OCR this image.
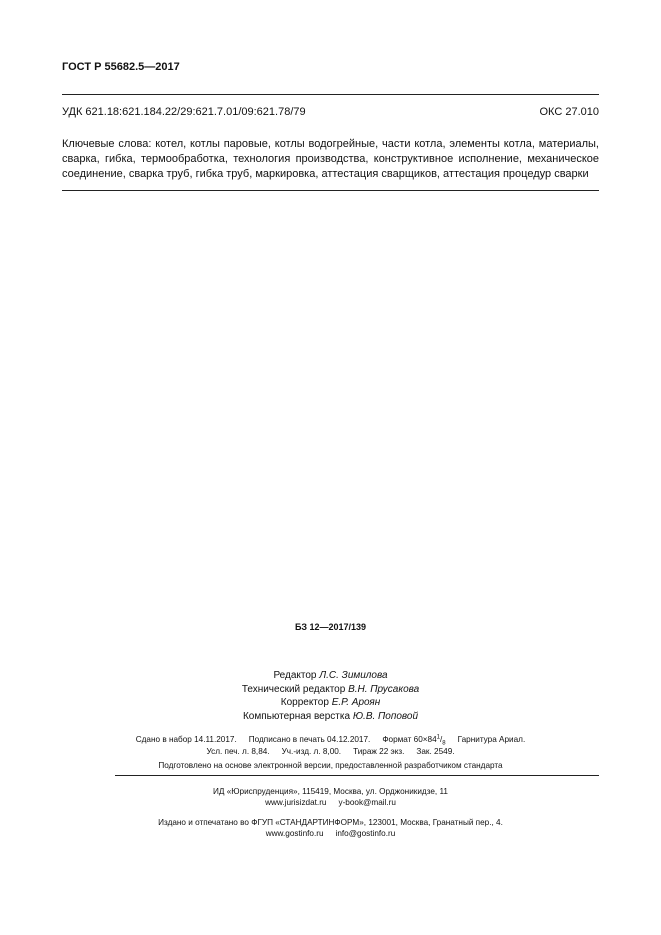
ГОСТ Р 55682.5—2017
УДК 621.18:621.184.22/29:621.7.01/09:621.78/79	ОКС 27.010
Ключевые слова: котел, котлы паровые, котлы водогрейные, части котла, элементы котла, материалы, сварка, гибка, термообработка, технология производства, конструктивное исполнение, механическое соединение, сварка труб, гибка труб, маркировка, аттестация сварщиков, аттестация процедур сварки
БЗ 12—2017/139
Редактор Л.С. Зимилова
Технический редактор В.Н. Прусакова
Корректор Е.Р. Ароян
Компьютерная верстка Ю.В. Поповой
Сдано в набор 14.11.2017. Подписано в печать 04.12.2017. Формат $60\times 84^1/_8$ Гарнитура Ариал.
Усл. печ. л. 8,84. Уч.-изд. л. 8,00. Тираж 22 экз. Зак. 2549.
Подготовлено на основе электронной версии, предоставленной разработчиком стандарта
ИД «Юриспруденция», 115419, Москва, ул. Орджоникидзе, 11
www.jurisizdat.ru y-book@mail.ru
Издано и отпечатано во ФГУП «СТАНДАРТИНФОРМ», 123001, Москва, Гранатный пер., 4.
www.gostinfo.ru info@gostinfo.ru
